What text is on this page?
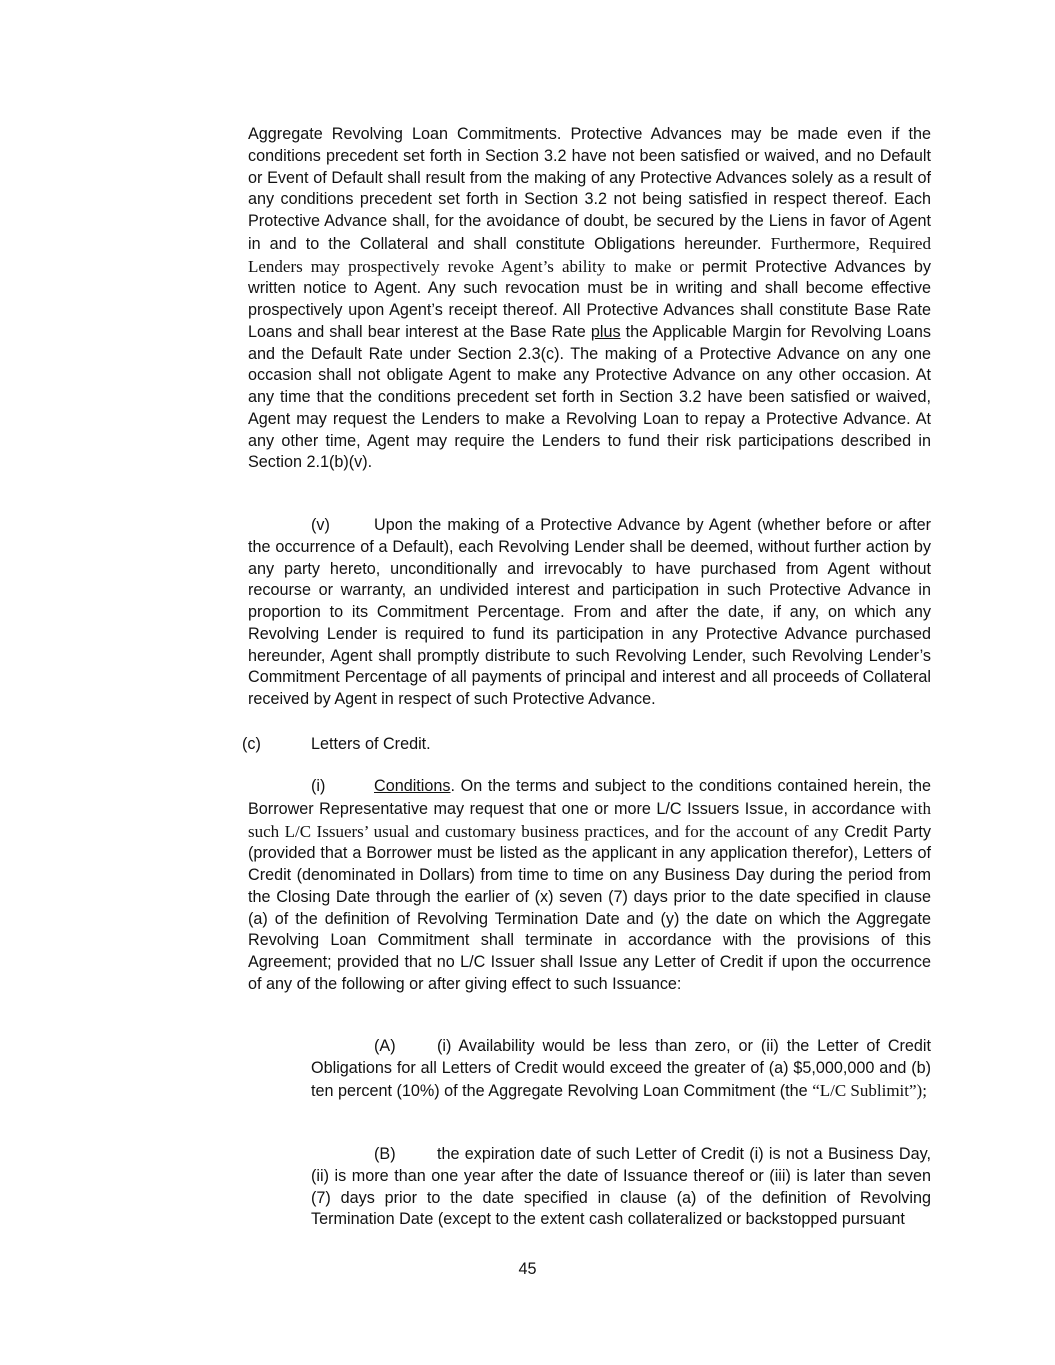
Aggregate Revolving Loan Commitments. Protective Advances may be made even if the conditions precedent set forth in Section 3.2 have not been satisfied or waived, and no Default or Event of Default shall result from the making of any Protective Advances solely as a result of any conditions precedent set forth in Section 3.2 not being satisfied in respect thereof. Each Protective Advance shall, for the avoidance of doubt, be secured by the Liens in favor of Agent in and to the Collateral and shall constitute Obligations hereunder. Furthermore, Required Lenders may prospectively revoke Agent’s ability to make or permit Protective Advances by written notice to Agent. Any such revocation must be in writing and shall become effective prospectively upon Agent’s receipt thereof. All Protective Advances shall constitute Base Rate Loans and shall bear interest at the Base Rate plus the Applicable Margin for Revolving Loans and the Default Rate under Section 2.3(c). The making of a Protective Advance on any one occasion shall not obligate Agent to make any Protective Advance on any other occasion. At any time that the conditions precedent set forth in Section 3.2 have been satisfied or waived, Agent may request the Lenders to make a Revolving Loan to repay a Protective Advance. At any other time, Agent may require the Lenders to fund their risk participations described in Section 2.1(b)(v).

(v)	Upon the making of a Protective Advance by Agent (whether before or after the occurrence of a Default), each Revolving Lender shall be deemed, without further action by any party hereto, unconditionally and irrevocably to have purchased from Agent without recourse or warranty, an undivided interest and participation in such Protective Advance in proportion to its Commitment Percentage. From and after the date, if any, on which any Revolving Lender is required to fund its participation in any Protective Advance purchased hereunder, Agent shall promptly distribute to such Revolving Lender, such Revolving Lender’s Commitment Percentage of all payments of principal and interest and all proceeds of Collateral received by Agent in respect of such Protective Advance.

(c)	Letters of Credit.

(i)	Conditions. On the terms and subject to the conditions contained herein, the Borrower Representative may request that one or more L/C Issuers Issue, in accordance with such L/C Issuers’ usual and customary business practices, and for the account of any Credit Party (provided that a Borrower must be listed as the applicant in any application therefor), Letters of Credit (denominated in Dollars) from time to time on any Business Day during the period from the Closing Date through the earlier of (x) seven (7) days prior to the date specified in clause (a) of the definition of Revolving Termination Date and (y) the date on which the Aggregate Revolving Loan Commitment shall terminate in accordance with the provisions of this Agreement; provided that no L/C Issuer shall Issue any Letter of Credit if upon the occurrence of any of the following or after giving effect to such Issuance:

(A)	(i) Availability would be less than zero, or (ii) the Letter of Credit Obligations for all Letters of Credit would exceed the greater of (a) $5,000,000 and (b) ten percent (10%) of the Aggregate Revolving Loan Commitment (the “L/C Sublimit”);

(B)	the expiration date of such Letter of Credit (i) is not a Business Day, (ii) is more than one year after the date of Issuance thereof or (iii) is later than seven (7) days prior to the date specified in clause (a) of the definition of Revolving Termination Date (except to the extent cash collateralized or backstopped pursuant

45
